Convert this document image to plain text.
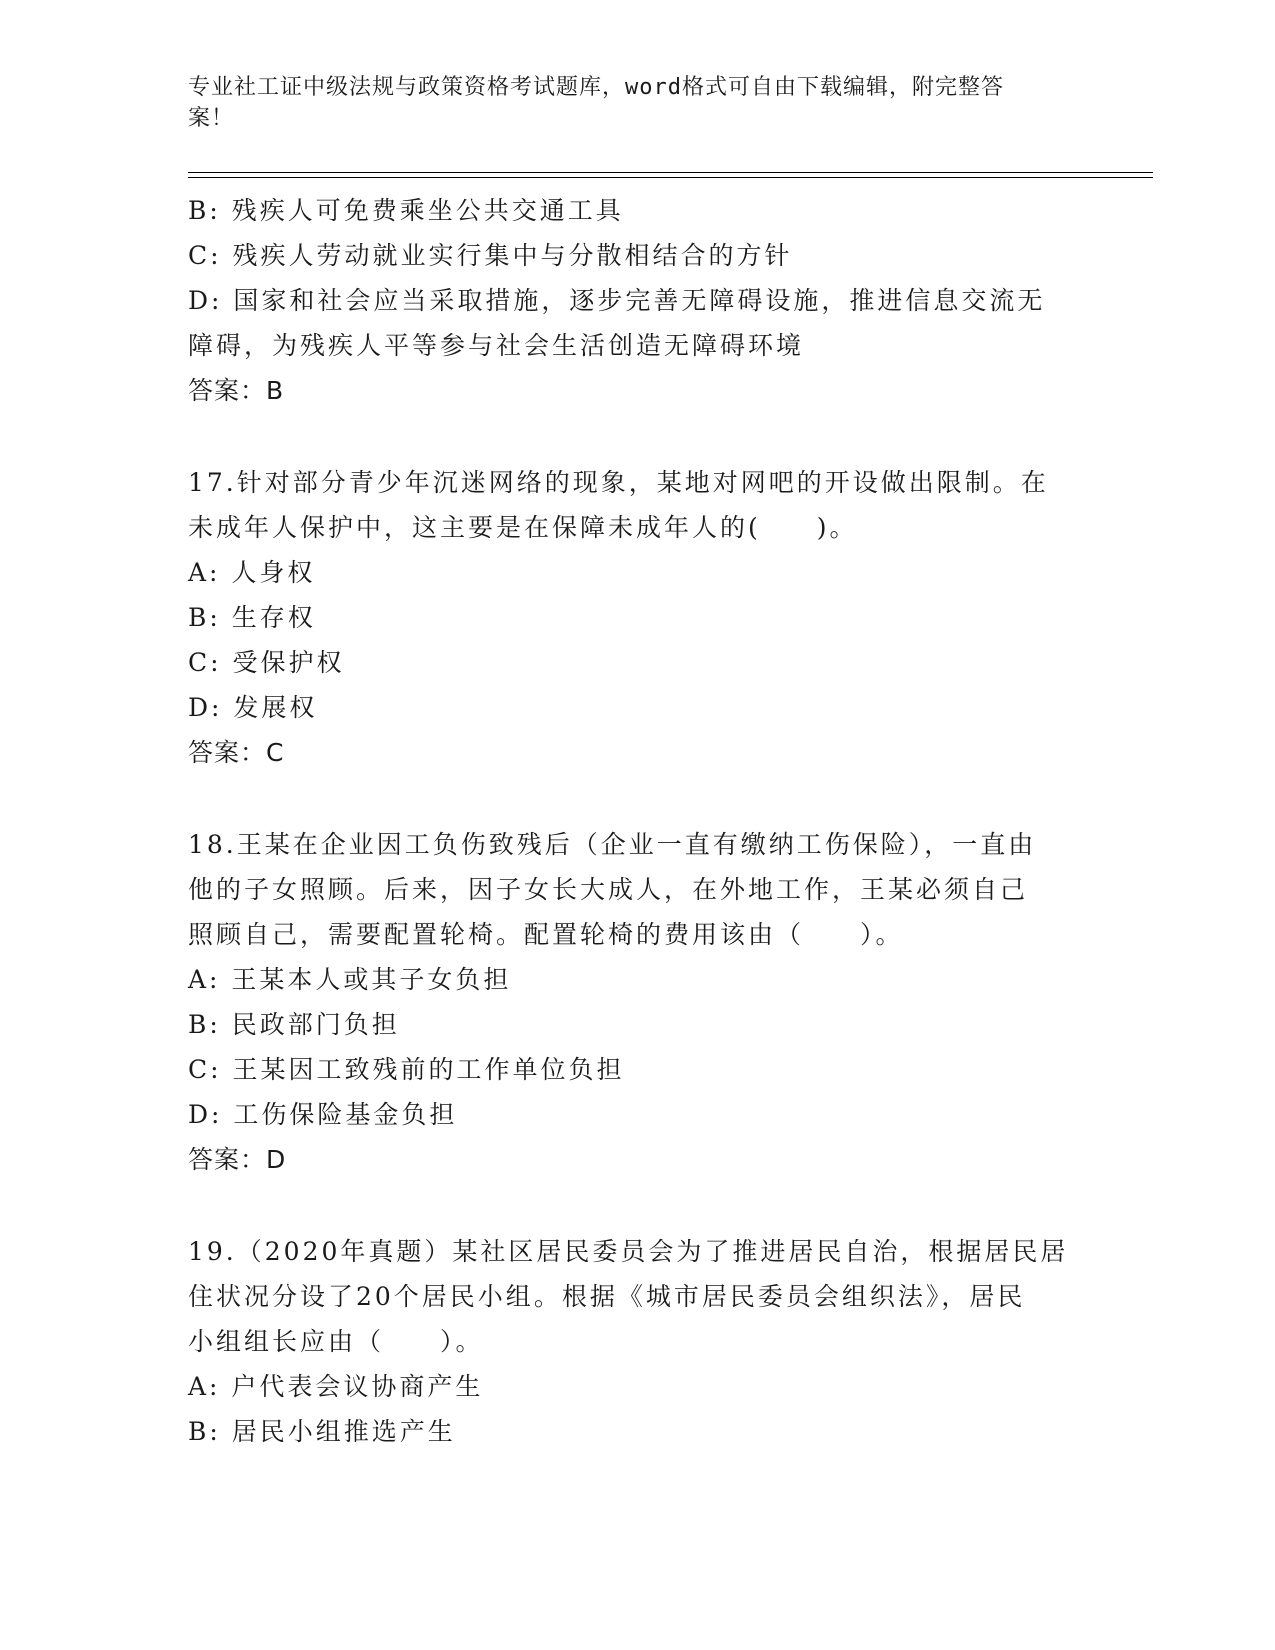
专业社工证中级法规与政策资格考试题库，word格式可自由下载编辑，附完整答
案！
B: 残疾人可免费乘坐公共交通工具
C: 残疾人劳动就业实行集中与分散相结合的方针
D: 国家和社会应当采取措施，逐步完善无障碍设施，推进信息交流无
障碍，为残疾人平等参与社会生活创造无障碍环境
答案：B
17.针对部分青少年沉迷网络的现象，某地对网吧的开设做出限制。在
未成年人保护中，这主要是在保障未成年人的(　　)。
A: 人身权
B: 生存权
C: 受保护权
D: 发展权
答案：C
18.王某在企业因工负伤致残后（企业一直有缴纳工伤保险），一直由
他的子女照顾。后来，因子女长大成人，在外地工作，王某必须自己
照顾自己，需要配置轮椅。配置轮椅的费用该由（　　）。
A: 王某本人或其子女负担
B: 民政部门负担
C: 王某因工致残前的工作单位负担
D: 工伤保险基金负担
答案：D
19.（2020年真题）某社区居民委员会为了推进居民自治，根据居民居
住状况分设了20个居民小组。根据《城市居民委员会组织法》，居民
小组组长应由（　　）。
A: 户代表会议协商产生
B: 居民小组推选产生
